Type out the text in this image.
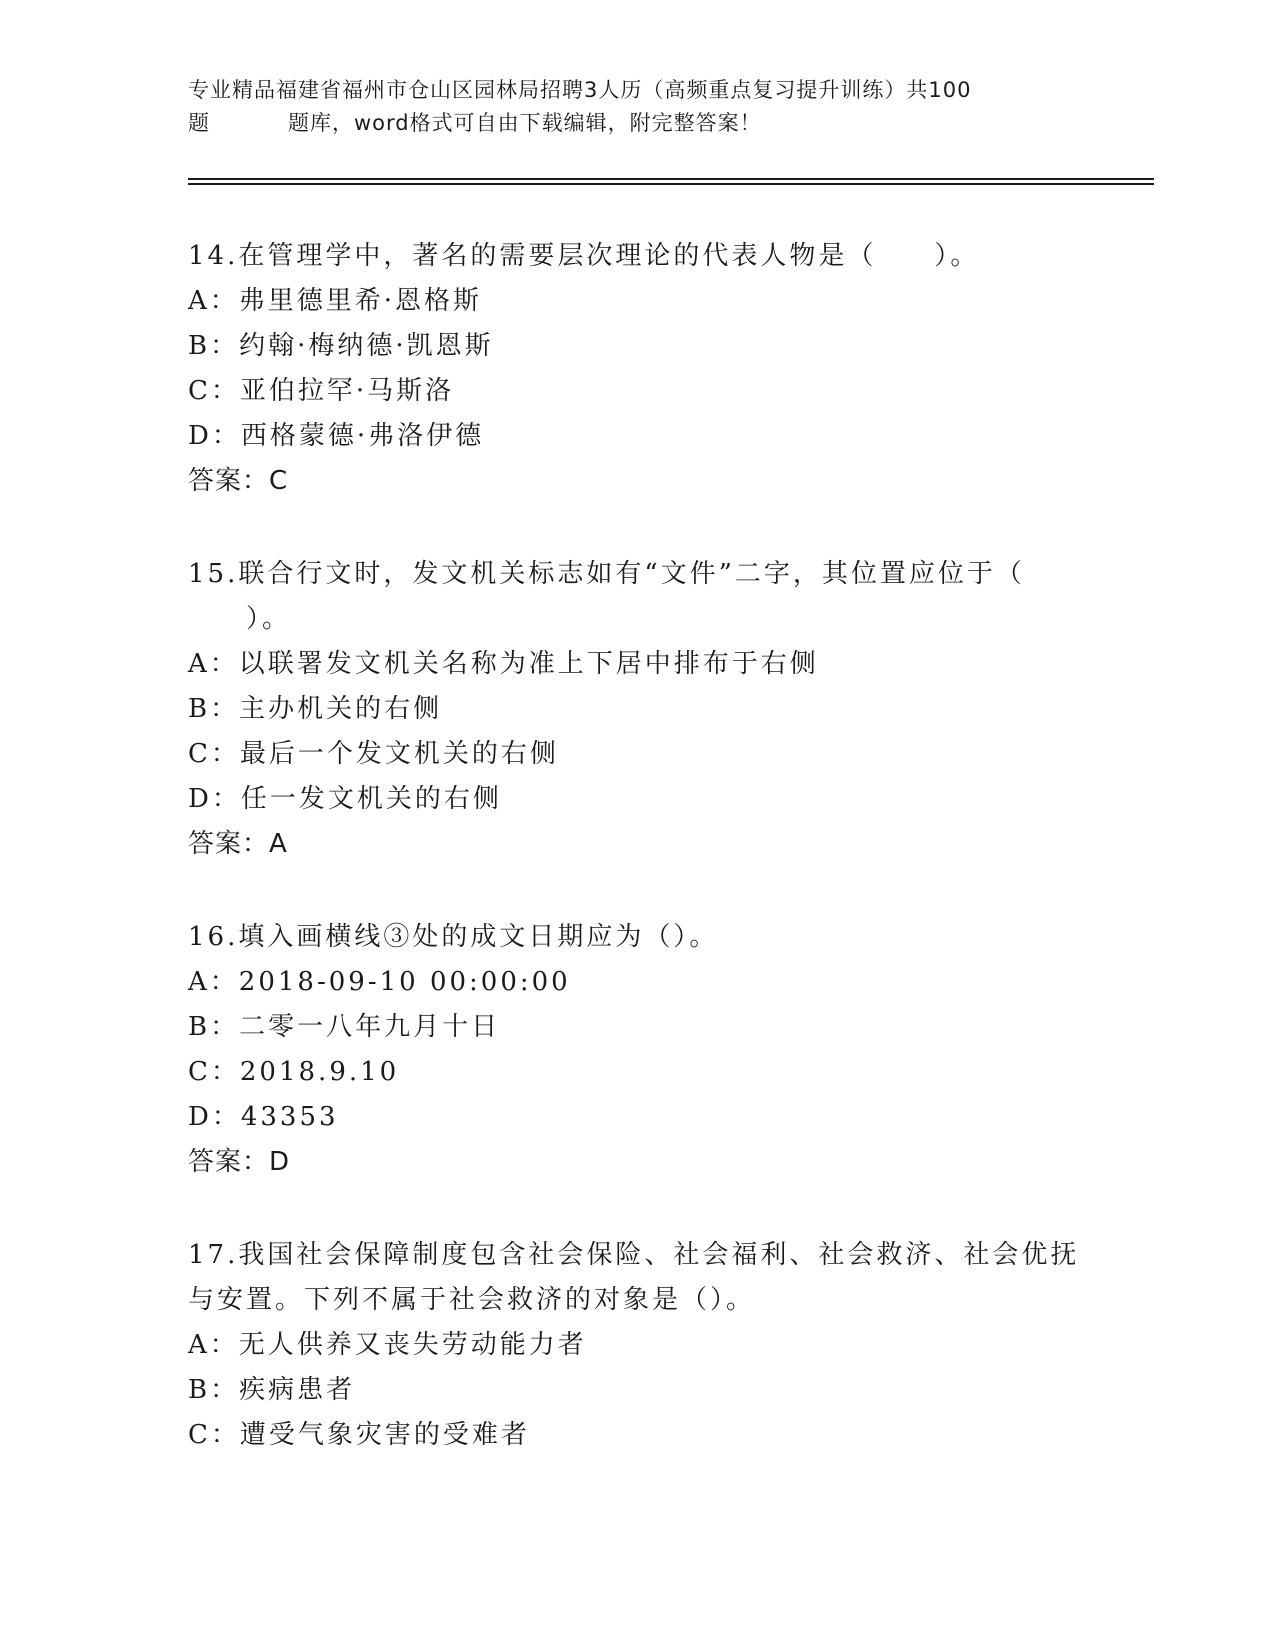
专业精品福建省福州市仓山区园林局招聘3人历（高频重点复习提升训练）共100
题	题库，word格式可自由下载编辑，附完整答案！
14.在管理学中，著名的需要层次理论的代表人物是（　　）。
A：弗里德里希·恩格斯
B：约翰·梅纳德·凯恩斯
C：亚伯拉罕·马斯洛
D：西格蒙德·弗洛伊德
答案：C
15.联合行文时，发文机关标志如有“文件”二字，其位置应位于（
）。
A：以联署发文机关名称为准上下居中排布于右侧
B：主办机关的右侧
C：最后一个发文机关的右侧
D：任一发文机关的右侧
答案：A
16.填入画横线③处的成文日期应为（）。
A：2018-09-10 00:00:00
B：二零一八年九月十日
C：2018.9.10
D：43353
答案：D
17.我国社会保障制度包含社会保险、社会福利、社会救济、社会优抚
与安置。下列不属于社会救济的对象是（）。
A：无人供养又丧失劳动能力者
B：疾病患者
C：遭受气象灾害的受难者
